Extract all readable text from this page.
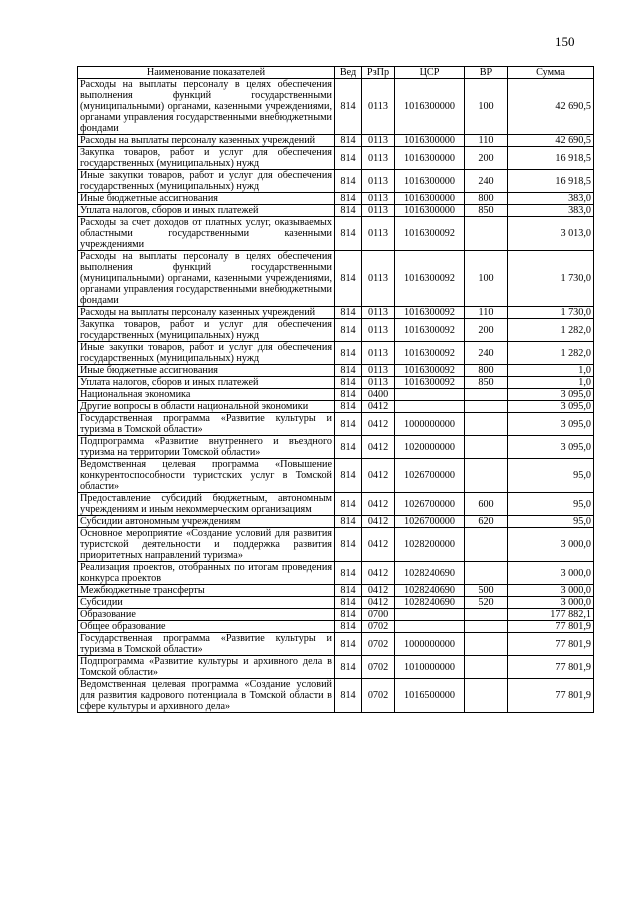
150
Наименование показателей	Вед	РзПр	ЦСР	ВР	Сумма
Расходы на выплаты персоналу в целях обеспечения выполнения функций государственными (муниципальными) органами, казенными учреждениями, органами управления государственными внебюджетными фондами	814	0113	1016300000	100	42 690,5
Расходы на выплаты персоналу казенных учреждений	814	0113	1016300000	110	42 690,5
Закупка товаров, работ и услуг для обеспечения государственных (муниципальных) нужд	814	0113	1016300000	200	16 918,5
Иные закупки товаров, работ и услуг для обеспечения государственных (муниципальных) нужд	814	0113	1016300000	240	16 918,5
Иные бюджетные ассигнования	814	0113	1016300000	800	383,0
Уплата налогов, сборов и иных платежей	814	0113	1016300000	850	383,0
Расходы за счет доходов от платных услуг, оказываемых областными государственными казенными учреждениями	814	0113	1016300092		3 013,0
Расходы на выплаты персоналу в целях обеспечения выполнения функций государственными (муниципальными) органами, казенными учреждениями, органами управления государственными внебюджетными фондами	814	0113	1016300092	100	1 730,0
Расходы на выплаты персоналу казенных учреждений	814	0113	1016300092	110	1 730,0
Закупка товаров, работ и услуг для обеспечения государственных (муниципальных) нужд	814	0113	1016300092	200	1 282,0
Иные закупки товаров, работ и услуг для обеспечения государственных (муниципальных) нужд	814	0113	1016300092	240	1 282,0
Иные бюджетные ассигнования	814	0113	1016300092	800	1,0
Уплата налогов, сборов и иных платежей	814	0113	1016300092	850	1,0
Национальная экономика	814	0400			3 095,0
Другие вопросы в области национальной экономики	814	0412			3 095,0
Государственная программа «Развитие культуры и туризма в Томской области»	814	0412	1000000000		3 095,0
Подпрограмма «Развитие внутреннего и въездного туризма на территории Томской области»	814	0412	1020000000		3 095,0
Ведомственная целевая программа «Повышение конкурентоспособности туристских услуг в Томской области»	814	0412	1026700000		95,0
Предоставление субсидий бюджетным, автономным учреждениям и иным некоммерческим организациям	814	0412	1026700000	600	95,0
Субсидии автономным учреждениям	814	0412	1026700000	620	95,0
Основное мероприятие «Создание условий для развития туристской деятельности и поддержка развития приоритетных направлений туризма»	814	0412	1028200000		3 000,0
Реализация проектов, отобранных по итогам проведения конкурса проектов	814	0412	1028240690		3 000,0
Межбюджетные трансферты	814	0412	1028240690	500	3 000,0
Субсидии	814	0412	1028240690	520	3 000,0
Образование	814	0700			177 882,1
Общее образование	814	0702			77 801,9
Государственная программа «Развитие культуры и туризма в Томской области»	814	0702	1000000000		77 801,9
Подпрограмма «Развитие культуры и архивного дела в Томской области»	814	0702	1010000000		77 801,9
Ведомственная целевая программа «Создание условий для развития кадрового потенциала в Томской области в сфере культуры и архивного дела»	814	0702	1016500000		77 801,9
